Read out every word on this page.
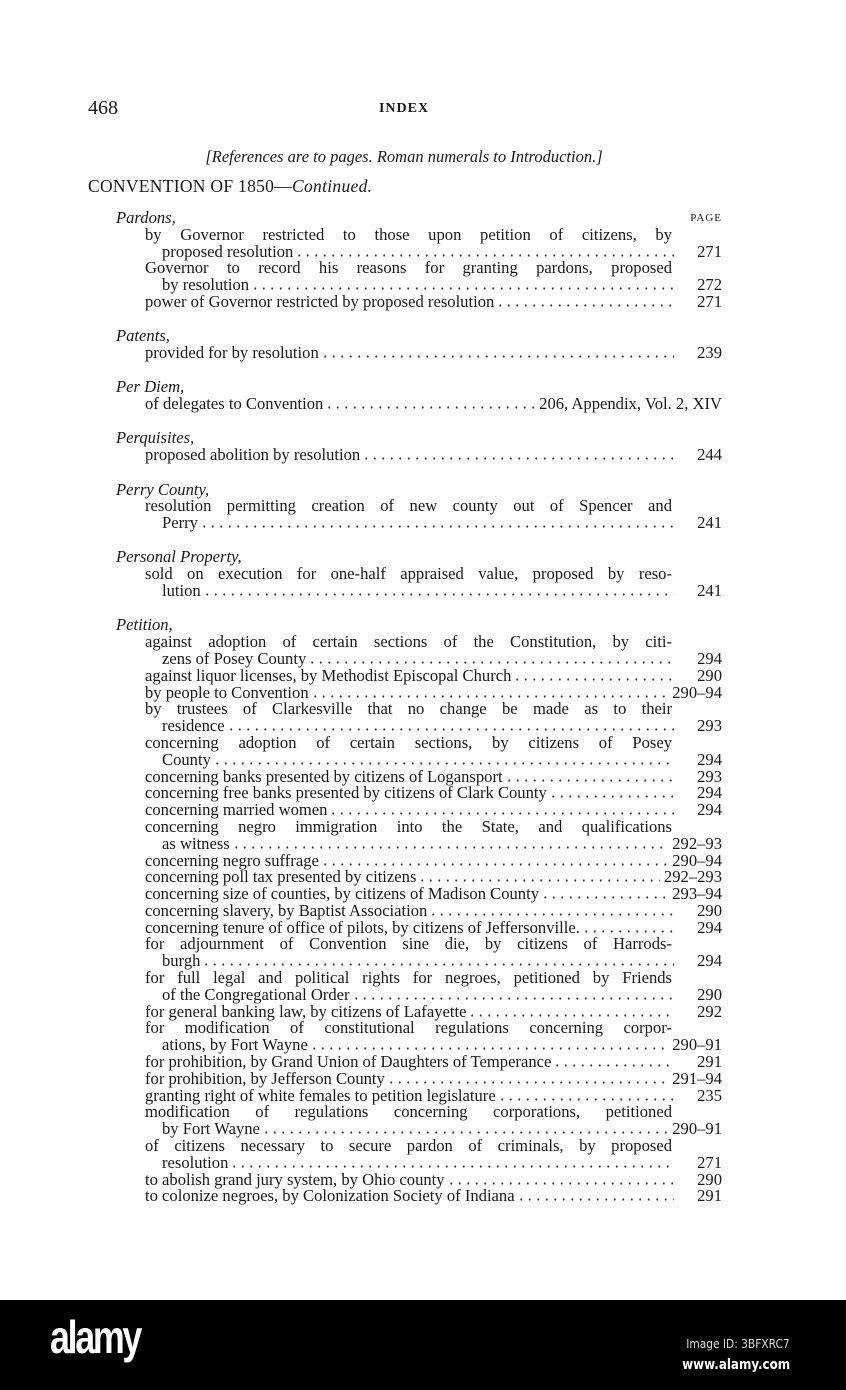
468	INDEX
[References are to pages. Roman numerals to Introduction.]
CONVENTION OF 1850—Continued.
Pardons,	PAGE
by Governor restricted to those upon petition of citizens, by
proposed resolution	271
Governor to record his reasons for granting pardons, proposed
by resolution	272
power of Governor restricted by proposed resolution	271
Patents,
provided for by resolution	239
Per Diem,
of delegates to Convention	206, Appendix, Vol. 2, XIV
Perquisites,
proposed abolition by resolution	244
Perry County,
resolution permitting creation of new county out of Spencer and
Perry	241
Personal Property,
sold on execution for one-half appraised value, proposed by reso-
lution	241
Petition,
against adoption of certain sections of the Constitution, by citi-
zens of Posey County	294
against liquor licenses, by Methodist Episcopal Church	290
by people to Convention	290–94
by trustees of Clarkesville that no change be made as to their
residence	293
concerning adoption of certain sections, by citizens of Posey
County	294
concerning banks presented by citizens of Logansport	293
concerning free banks presented by citizens of Clark County	294
concerning married women	294
concerning negro immigration into the State, and qualifications
as witness	292–93
concerning negro suffrage	290–94
concerning poll tax presented by citizens	292–293
concerning size of counties, by citizens of Madison County	293–94
concerning slavery, by Baptist Association	290
concerning tenure of office of pilots, by citizens of Jeffersonville.	294
for adjournment of Convention sine die, by citizens of Harrods-
burgh	294
for full legal and political rights for negroes, petitioned by Friends
of the Congregational Order	290
for general banking law, by citizens of Lafayette	292
for modification of constitutional regulations concerning corpor-
ations, by Fort Wayne	290–91
for prohibition, by Grand Union of Daughters of Temperance	291
for prohibition, by Jefferson County	291–94
granting right of white females to petition legislature	235
modification of regulations concerning corporations, petitioned
by Fort Wayne	290–91
of citizens necessary to secure pardon of criminals, by proposed
resolution	271
to abolish grand jury system, by Ohio county	290
to colonize negroes, by Colonization Society of Indiana	291
alamy	Image ID: 3BFXRC7
www.alamy.com
